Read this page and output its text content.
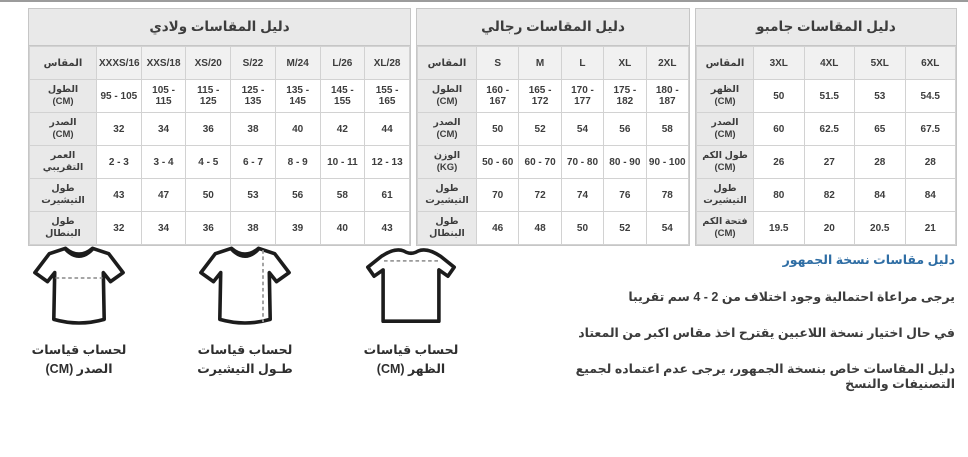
دليل المقاسات ولادي
المقاس	XXXS/16	XXS/18	XS/20	S/22	M/24	L/26	XL/28

الطول
(CM)	95 - 105	105 - 115	115 - 125	125 - 135	135 - 145	145 - 155	155 - 165

الصدر
(CM)	32	34	36	38	40	42	44

العمر
التقريبي	2 - 3	3 - 4	4 - 5	6 - 7	8 - 9	10 - 11	12 - 13

طول
التيشيرت	43	47	50	53	56	58	61

طول
البنطال	32	34	36	38	39	40	43
دليل المقاسات رجالي
المقاس	S	M	L	XL	2XL

الطول
(CM)	160 - 167	165 - 172	170 - 177	175 - 182	180 - 187

الصدر
(CM)	50	52	54	56	58

الوزن
(KG)	50 - 60	60 - 70	70 - 80	80 - 90	90 - 100

طول
التيشيرت	70	72	74	76	78

طول
البنطال	46	48	50	52	54
دليل المقاسات جامبو
المقاس	3XL	4XL	5XL	6XL

الظهر
(CM)	50	51.5	53	54.5

الصدر
(CM)	60	62.5	65	67.5

طول الكم
(CM)	26	27	28	28

طول
التيشيرت	80	82	84	84

فتحة الكم
(CM)	19.5	20	20.5	21
لحساب قياسات
الصدر (CM)
لحساب قياسات
طـول التيشيرت
لحساب قياسات
الظهر (CM)

دليل مقاسات نسخة الجمهور

يرجى مراعاة احتمالية وجود اختلاف من 2 - 4 سم تقريبا

في حال اختيار نسخة اللاعبين يقترح اخذ مقاس اكبر من المعتاد

دليل المقاسات خاص بنسخة الجمهور، يرجى عدم اعتماده لجميع التصنيفات والنسخ
